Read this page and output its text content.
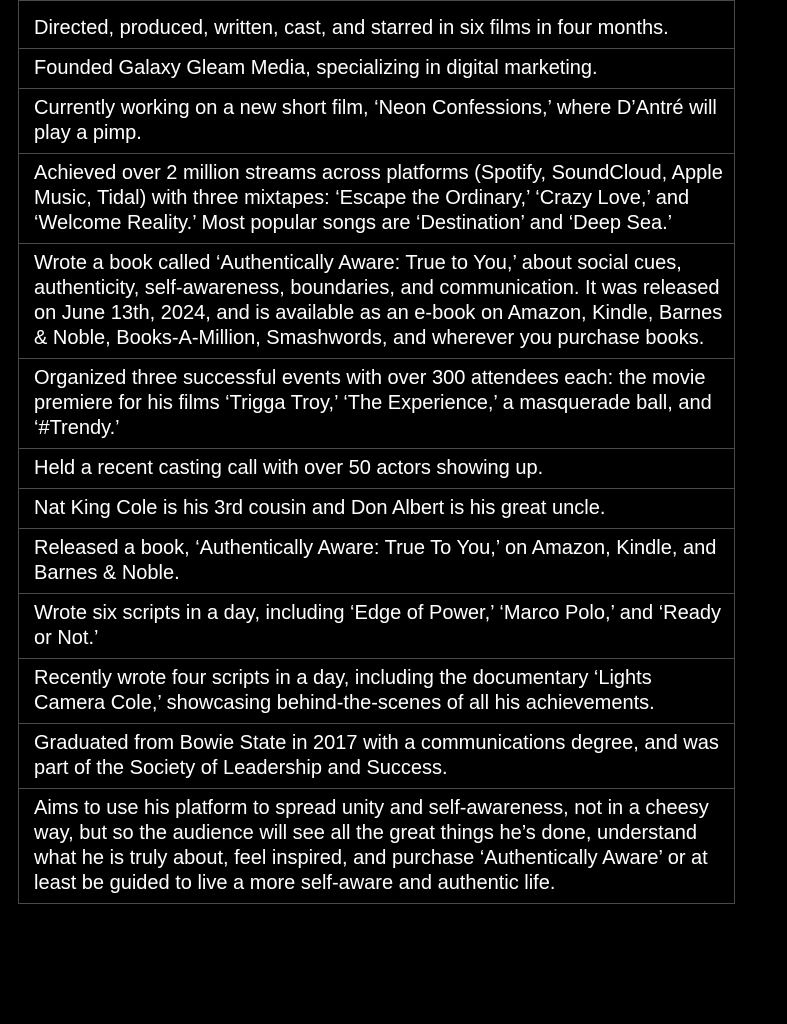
Directed, produced, written, cast, and starred in six films in four months.
Founded Galaxy Gleam Media, specializing in digital marketing.
Currently working on a new short film, ‘Neon Confessions,’ where D’Antré will play a pimp.
Achieved over 2 million streams across platforms (Spotify, SoundCloud, Apple Music, Tidal) with three mixtapes: ‘Escape the Ordinary,’ ‘Crazy Love,’ and ‘Welcome Reality.’ Most popular songs are ‘Destination’ and ‘Deep Sea.’
Wrote a book called ‘Authentically Aware: True to You,’ about social cues, authenticity, self-awareness, boundaries, and communication. It was released on June 13th, 2024, and is available as an e-book on Amazon, Kindle, Barnes & Noble, Books-A-Million, Smashwords, and wherever you purchase books.
Organized three successful events with over 300 attendees each: the movie premiere for his films ‘Trigga Troy,’ ‘The Experience,’ a masquerade ball, and ‘#Trendy.’
Held a recent casting call with over 50 actors showing up.
Nat King Cole is his 3rd cousin and Don Albert is his great uncle.
Released a book, ‘Authentically Aware: True To You,’ on Amazon, Kindle, and Barnes & Noble.
Wrote six scripts in a day, including ‘Edge of Power,’ ‘Marco Polo,’ and ‘Ready or Not.’
Recently wrote four scripts in a day, including the documentary ‘Lights Camera Cole,’ showcasing behind-the-scenes of all his achievements.
Graduated from Bowie State in 2017 with a communications degree, and was part of the Society of Leadership and Success.
Aims to use his platform to spread unity and self-awareness, not in a cheesy way, but so the audience will see all the great things he’s done, understand what he is truly about, feel inspired, and purchase ‘Authentically Aware’ or at least be guided to live a more self-aware and authentic life.
